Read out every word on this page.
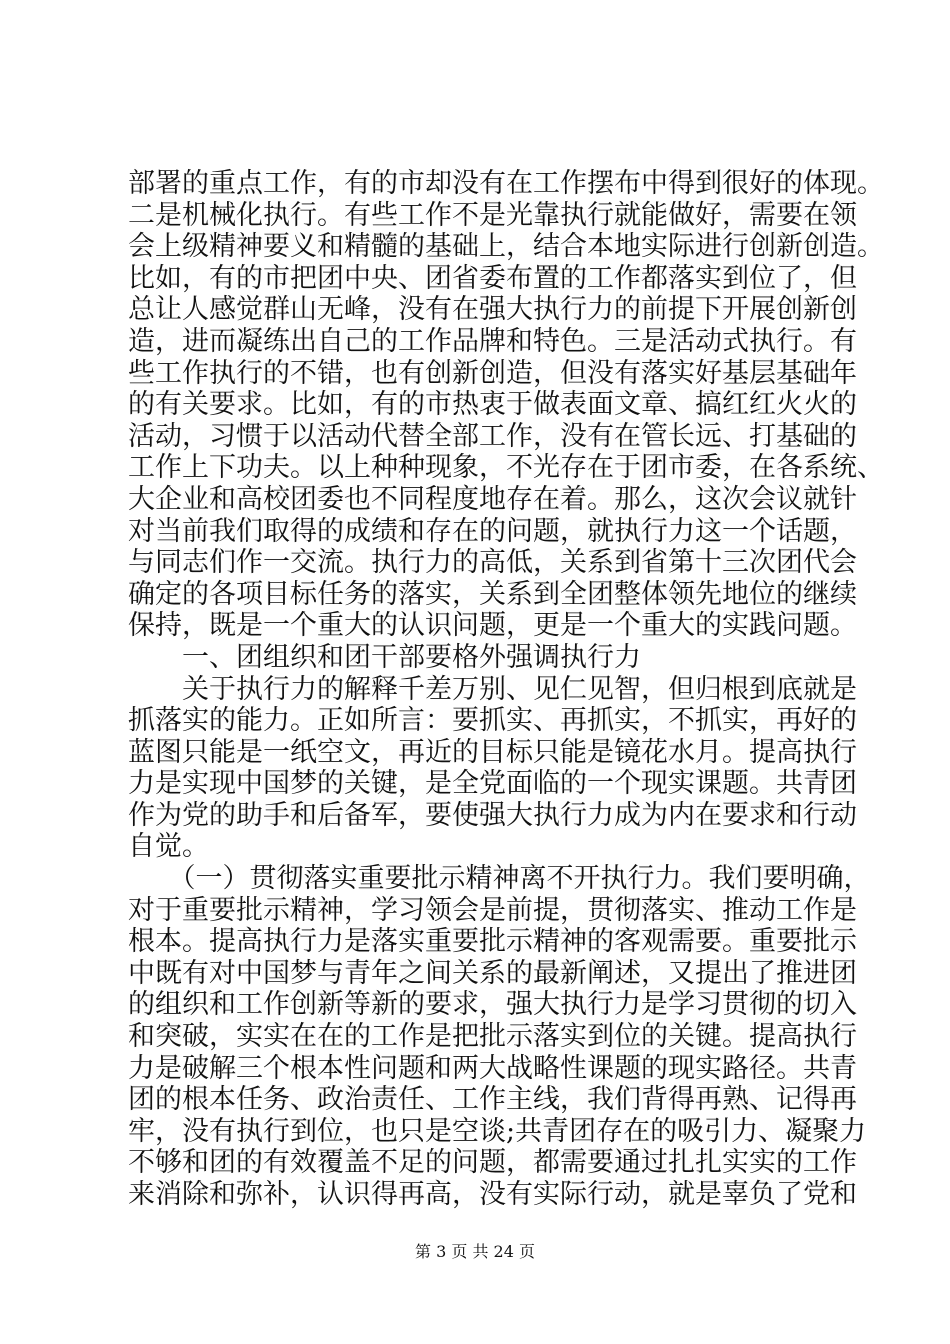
部署的重点工作，有的市却没有在工作摆布中得到很好的体现。
二是机械化执行。有些工作不是光靠执行就能做好，需要在领
会上级精神要义和精髓的基础上，结合本地实际进行创新创造。
比如，有的市把团中央、团省委布置的工作都落实到位了，但
总让人感觉群山无峰，没有在强大执行力的前提下开展创新创
造，进而凝练出自己的工作品牌和特色。三是活动式执行。有
些工作执行的不错，也有创新创造，但没有落实好基层基础年
的有关要求。比如，有的市热衷于做表面文章、搞红红火火的
活动，习惯于以活动代替全部工作，没有在管长远、打基础的
工作上下功夫。以上种种现象，不光存在于团市委，在各系统、
大企业和高校团委也不同程度地存在着。那么，这次会议就针
对当前我们取得的成绩和存在的问题，就执行力这一个话题，
与同志们作一交流。执行力的高低，关系到省第十三次团代会
确定的各项目标任务的落实，关系到全团整体领先地位的继续
保持，既是一个重大的认识问题，更是一个重大的实践问题。
　　一、团组织和团干部要格外强调执行力
　　关于执行力的解释千差万别、见仁见智，但归根到底就是
抓落实的能力。正如所言：要抓实、再抓实，不抓实，再好的
蓝图只能是一纸空文，再近的目标只能是镜花水月。提高执行
力是实现中国梦的关键，是全党面临的一个现实课题。共青团
作为党的助手和后备军，要使强大执行力成为内在要求和行动
自觉。
　　（一）贯彻落实重要批示精神离不开执行力。我们要明确，
对于重要批示精神，学习领会是前提，贯彻落实、推动工作是
根本。提高执行力是落实重要批示精神的客观需要。重要批示
中既有对中国梦与青年之间关系的最新阐述，又提出了推进团
的组织和工作创新等新的要求，强大执行力是学习贯彻的切入
和突破，实实在在的工作是把批示落实到位的关键。提高执行
力是破解三个根本性问题和两大战略性课题的现实路径。共青
团的根本任务、政治责任、工作主线，我们背得再熟、记得再
牢，没有执行到位，也只是空谈;共青团存在的吸引力、凝聚力
不够和团的有效覆盖不足的问题，都需要通过扎扎实实的工作
来消除和弥补，认识得再高，没有实际行动，就是辜负了党和
第 3 页 共 24 页
